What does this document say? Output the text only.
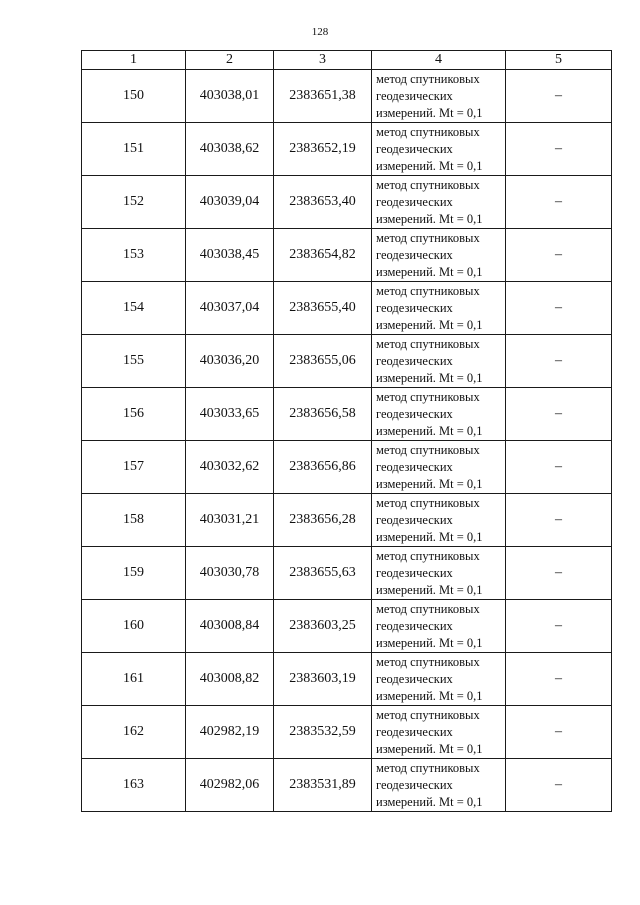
128
1	2	3	4	5
150	403038,01	2383651,38	метод спутниковых
геодезических
измерений. Mt = 0,1	–
151	403038,62	2383652,19	метод спутниковых
геодезических
измерений. Mt = 0,1	–
152	403039,04	2383653,40	метод спутниковых
геодезических
измерений. Mt = 0,1	–
153	403038,45	2383654,82	метод спутниковых
геодезических
измерений. Mt = 0,1	–
154	403037,04	2383655,40	метод спутниковых
геодезических
измерений. Mt = 0,1	–
155	403036,20	2383655,06	метод спутниковых
геодезических
измерений. Mt = 0,1	–
156	403033,65	2383656,58	метод спутниковых
геодезических
измерений. Mt = 0,1	–
157	403032,62	2383656,86	метод спутниковых
геодезических
измерений. Mt = 0,1	–
158	403031,21	2383656,28	метод спутниковых
геодезических
измерений. Mt = 0,1	–
159	403030,78	2383655,63	метод спутниковых
геодезических
измерений. Mt = 0,1	–
160	403008,84	2383603,25	метод спутниковых
геодезических
измерений. Mt = 0,1	–
161	403008,82	2383603,19	метод спутниковых
геодезических
измерений. Mt = 0,1	–
162	402982,19	2383532,59	метод спутниковых
геодезических
измерений. Mt = 0,1	–
163	402982,06	2383531,89	метод спутниковых
геодезических
измерений. Mt = 0,1	–
